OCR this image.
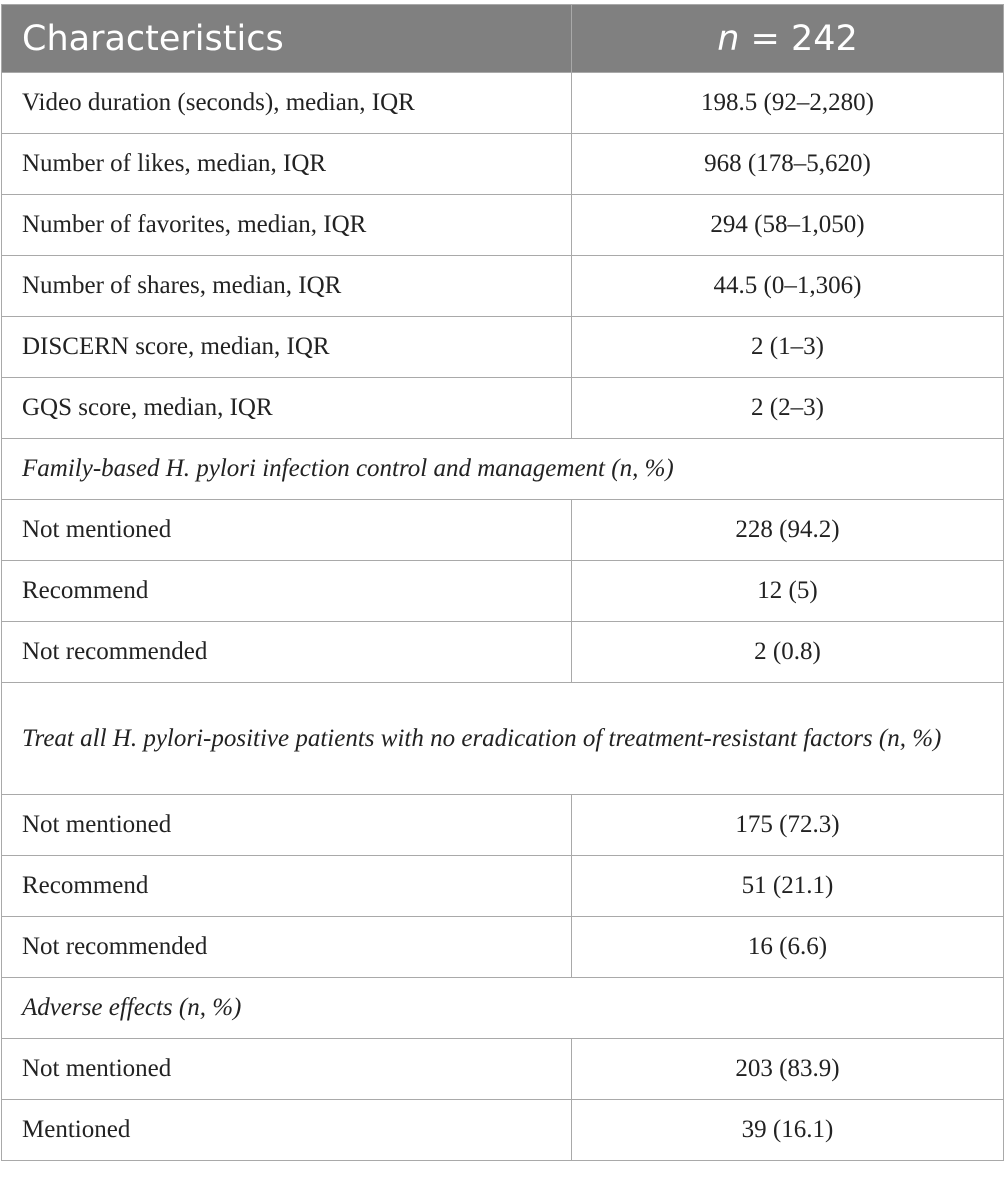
Characteristics	n = 242
Video duration (seconds), median, IQR	198.5 (92–2,280)
Number of likes, median, IQR	968 (178–5,620)
Number of favorites, median, IQR	294 (58–1,050)
Number of shares, median, IQR	44.5 (0–1,306)
DISCERN score, median, IQR	2 (1–3)
GQS score, median, IQR	2 (2–3)
Family-based H. pylori infection control and management (n, %)	
Not mentioned	228 (94.2)
Recommend	12 (5)
Not recommended	2 (0.8)
Treat all H. pylori-positive patients with no eradication of treatment-resistant factors (n, %)	
Not mentioned	175 (72.3)
Recommend	51 (21.1)
Not recommended	16 (6.6)
Adverse effects (n, %)	
Not mentioned	203 (83.9)
Mentioned	39 (16.1)
